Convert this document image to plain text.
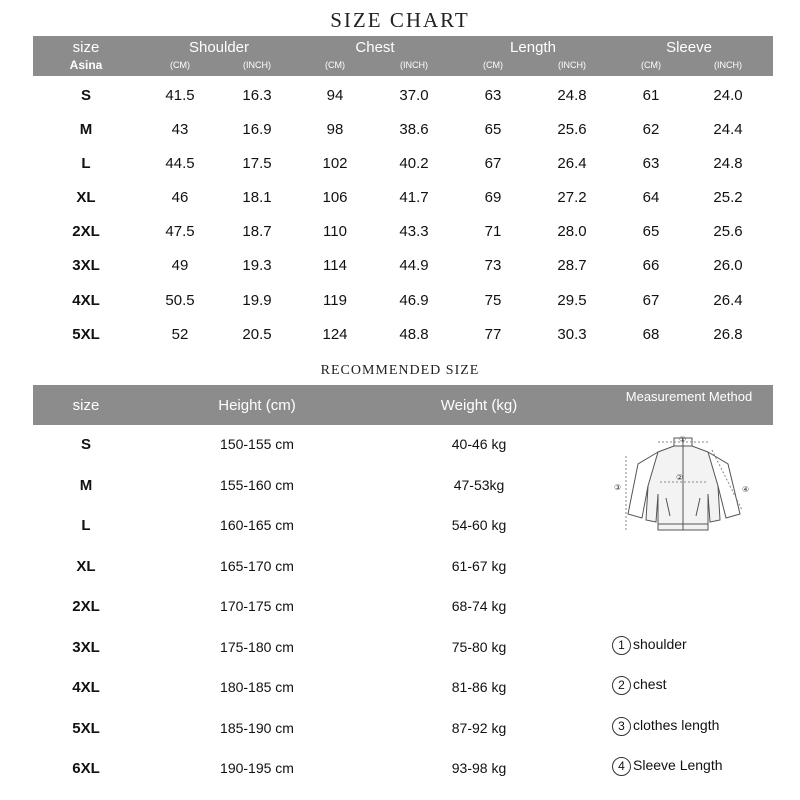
SIZE CHART
size	Shoulder	Chest	Length	Sleeve
Asina	(CM)	(INCH)	(CM)	(INCH)	(CM)	(INCH)	(CM)	(INCH)
S	41.5	16.3	94	37.0	63	24.8	61	24.0
M	43	16.9	98	38.6	65	25.6	62	24.4
L	44.5	17.5	102	40.2	67	26.4	63	24.8
XL	46	18.1	106	41.7	69	27.2	64	25.2
2XL	47.5	18.7	110	43.3	71	28.0	65	25.6
3XL	49	19.3	114	44.9	73	28.7	66	26.0
4XL	50.5	19.9	119	46.9	75	29.5	67	26.4
5XL	52	20.5	124	48.8	77	30.3	68	26.8
RECOMMENDED SIZE
size	Height (cm)	Weight (kg)
Measurement Method
S	150-155 cm	40-46 kg
M	155-160 cm	47-53kg
L	160-165 cm	54-60 kg
XL	165-170 cm	61-67 kg
2XL	170-175 cm	68-74 kg
3XL	175-180 cm	75-80 kg
4XL	180-185 cm	81-86 kg
5XL	185-190 cm	87-92 kg
6XL	190-195 cm	93-98 kg
①
②
③	④
1 shoulder
2 chest
3 clothes length
4 Sleeve Length
